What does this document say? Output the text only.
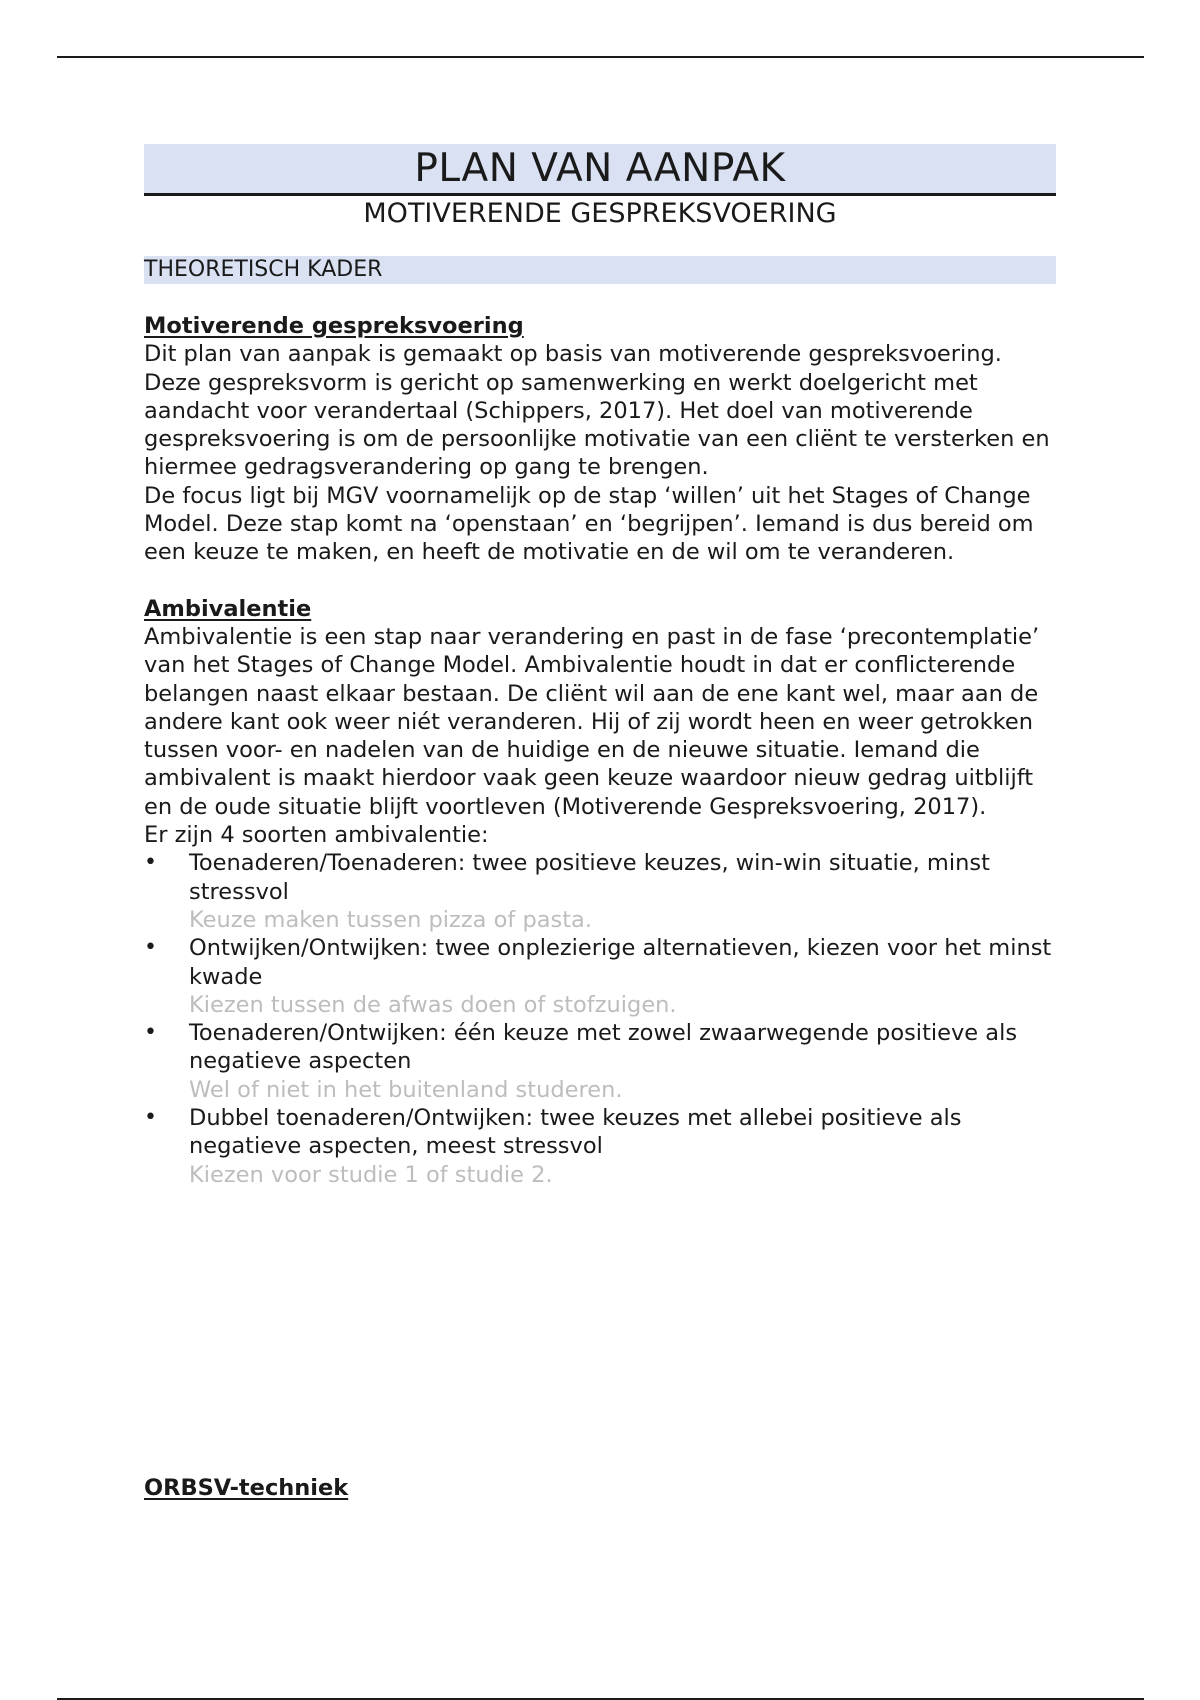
PLAN VAN AANPAK

MOTIVERENDE GESPREKSVOERING

THEORETISCH KADER
Motiverende gespreksvoering

Dit plan van aanpak is gemaakt op basis van motiverende gespreksvoering. Deze gespreksvorm is gericht op samenwerking en werkt doelgericht met aandacht voor verandertaal (Schippers, 2017). Het doel van motiverende gespreksvoering is om de persoonlijke motivatie van een cliënt te versterken en hiermee gedragsverandering op gang te brengen.

De focus ligt bij MGV voornamelijk op de stap ‘willen’ uit het Stages of Change Model. Deze stap komt na ‘openstaan’ en ‘begrijpen’. Iemand is dus bereid om een keuze te maken, en heeft de motivatie en de wil om te veranderen.

Ambivalentie

Ambivalentie is een stap naar verandering en past in de fase ‘precontemplatie’ van het Stages of Change Model. Ambivalentie houdt in dat er conflicterende belangen naast elkaar bestaan. De cliënt wil aan de ene kant wel, maar aan de andere kant ook weer niét veranderen. Hij of zij wordt heen en weer getrokken tussen voor- en nadelen van de huidige en de nieuwe situatie. Iemand die ambivalent is maakt hierdoor vaak geen keuze waardoor nieuw gedrag uitblijft en de oude situatie blijft voortleven (Motiverende Gespreksvoering, 2017).

Er zijn 4 soorten ambivalentie:

• Toenaderen/Toenaderen: twee positieve keuzes, win-win situatie, minst stressvol
Keuze maken tussen pizza of pasta.
• Ontwijken/Ontwijken: twee onplezierige alternatieven, kiezen voor het minst kwade
Kiezen tussen de afwas doen of stofzuigen.
• Toenaderen/Ontwijken: één keuze met zowel zwaarwegende positieve als negatieve aspecten
Wel of niet in het buitenland studeren.
• Dubbel toenaderen/Ontwijken: twee keuzes met allebei positieve als negatieve aspecten, meest stressvol
Kiezen voor studie 1 of studie 2.
ORBSV-techniek
